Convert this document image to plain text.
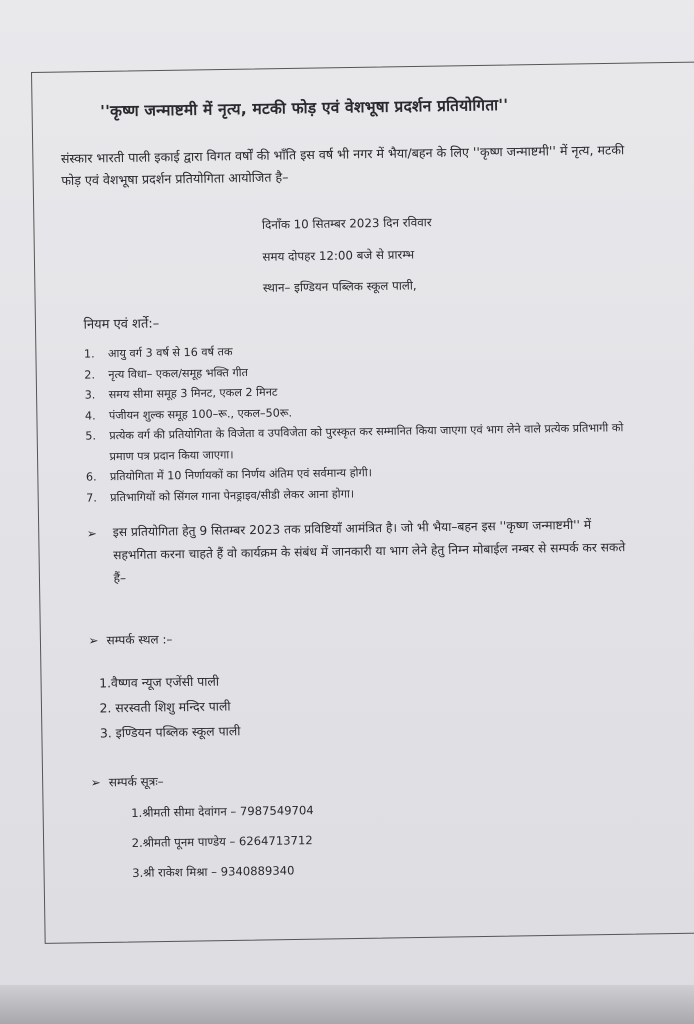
''कृष्ण जन्माष्टमी में नृत्य, मटकी फोड़ एवं वेशभूषा प्रदर्शन प्रतियोगिता''
संस्कार भारती पाली इकाई द्वारा विगत वर्षों की भाँति इस वर्ष भी नगर में भैया/बहन के लिए ''कृष्ण जन्माष्टमी'' में नृत्य, मटकी फोड़ एवं वेशभूषा प्रदर्शन प्रतियोगिता आयोजित है–
दिनाँक 10 सितम्बर 2023 दिन रविवार
समय दोपहर 12:00 बजे से प्रारम्भ
स्थान– इण्डियन पब्लिक स्कूल पाली,
नियम एवं शर्ते:–
1. आयु वर्ग 3 वर्ष से 16 वर्ष तक
2. नृत्य विधा– एकल/समूह भक्ति गीत
3. समय सीमा समूह 3 मिनट, एकल 2 मिनट
4. पंजीयन शुल्क समूह 100–रू., एकल–50रू.
5. प्रत्येक वर्ग की प्रतियोगिता के विजेता व उपविजेता को पुरस्कृत कर सम्मानित किया जाएगा एवं भाग लेने वाले प्रत्येक प्रतिभागी को प्रमाण पत्र प्रदान किया जाएगा।
6. प्रतियोगिता में 10 निर्णायकों का निर्णय अंतिम एवं सर्वमान्य होगी।
7. प्रतिभागियों को सिंगल गाना पेनड्राइव/सीडी लेकर आना होगा।
➢ इस प्रतियोगिता हेतु 9 सितम्बर 2023 तक प्रविष्टियाँ आमंत्रित है। जो भी भैया–बहन इस ''कृष्ण जन्माष्टमी'' में सहभगिता करना चाहते हैं वो कार्यक्रम के संबंध में जानकारी या भाग लेने हेतु निम्न मोबाईल नम्बर से सम्पर्क कर सकते हैं–
➢ सम्पर्क स्थल :–
1.वैष्णव न्यूज एजेंसी पाली
2. सरस्वती शिशु मन्दिर पाली
3. इण्डियन पब्लिक स्कूल पाली
➢ सम्पर्क सूत्रः–
1.श्रीमती सीमा देवांगन – 7987549704
2.श्रीमती पूनम पाण्डेय – 6264713712
3.श्री राकेश मिश्रा – 9340889340
